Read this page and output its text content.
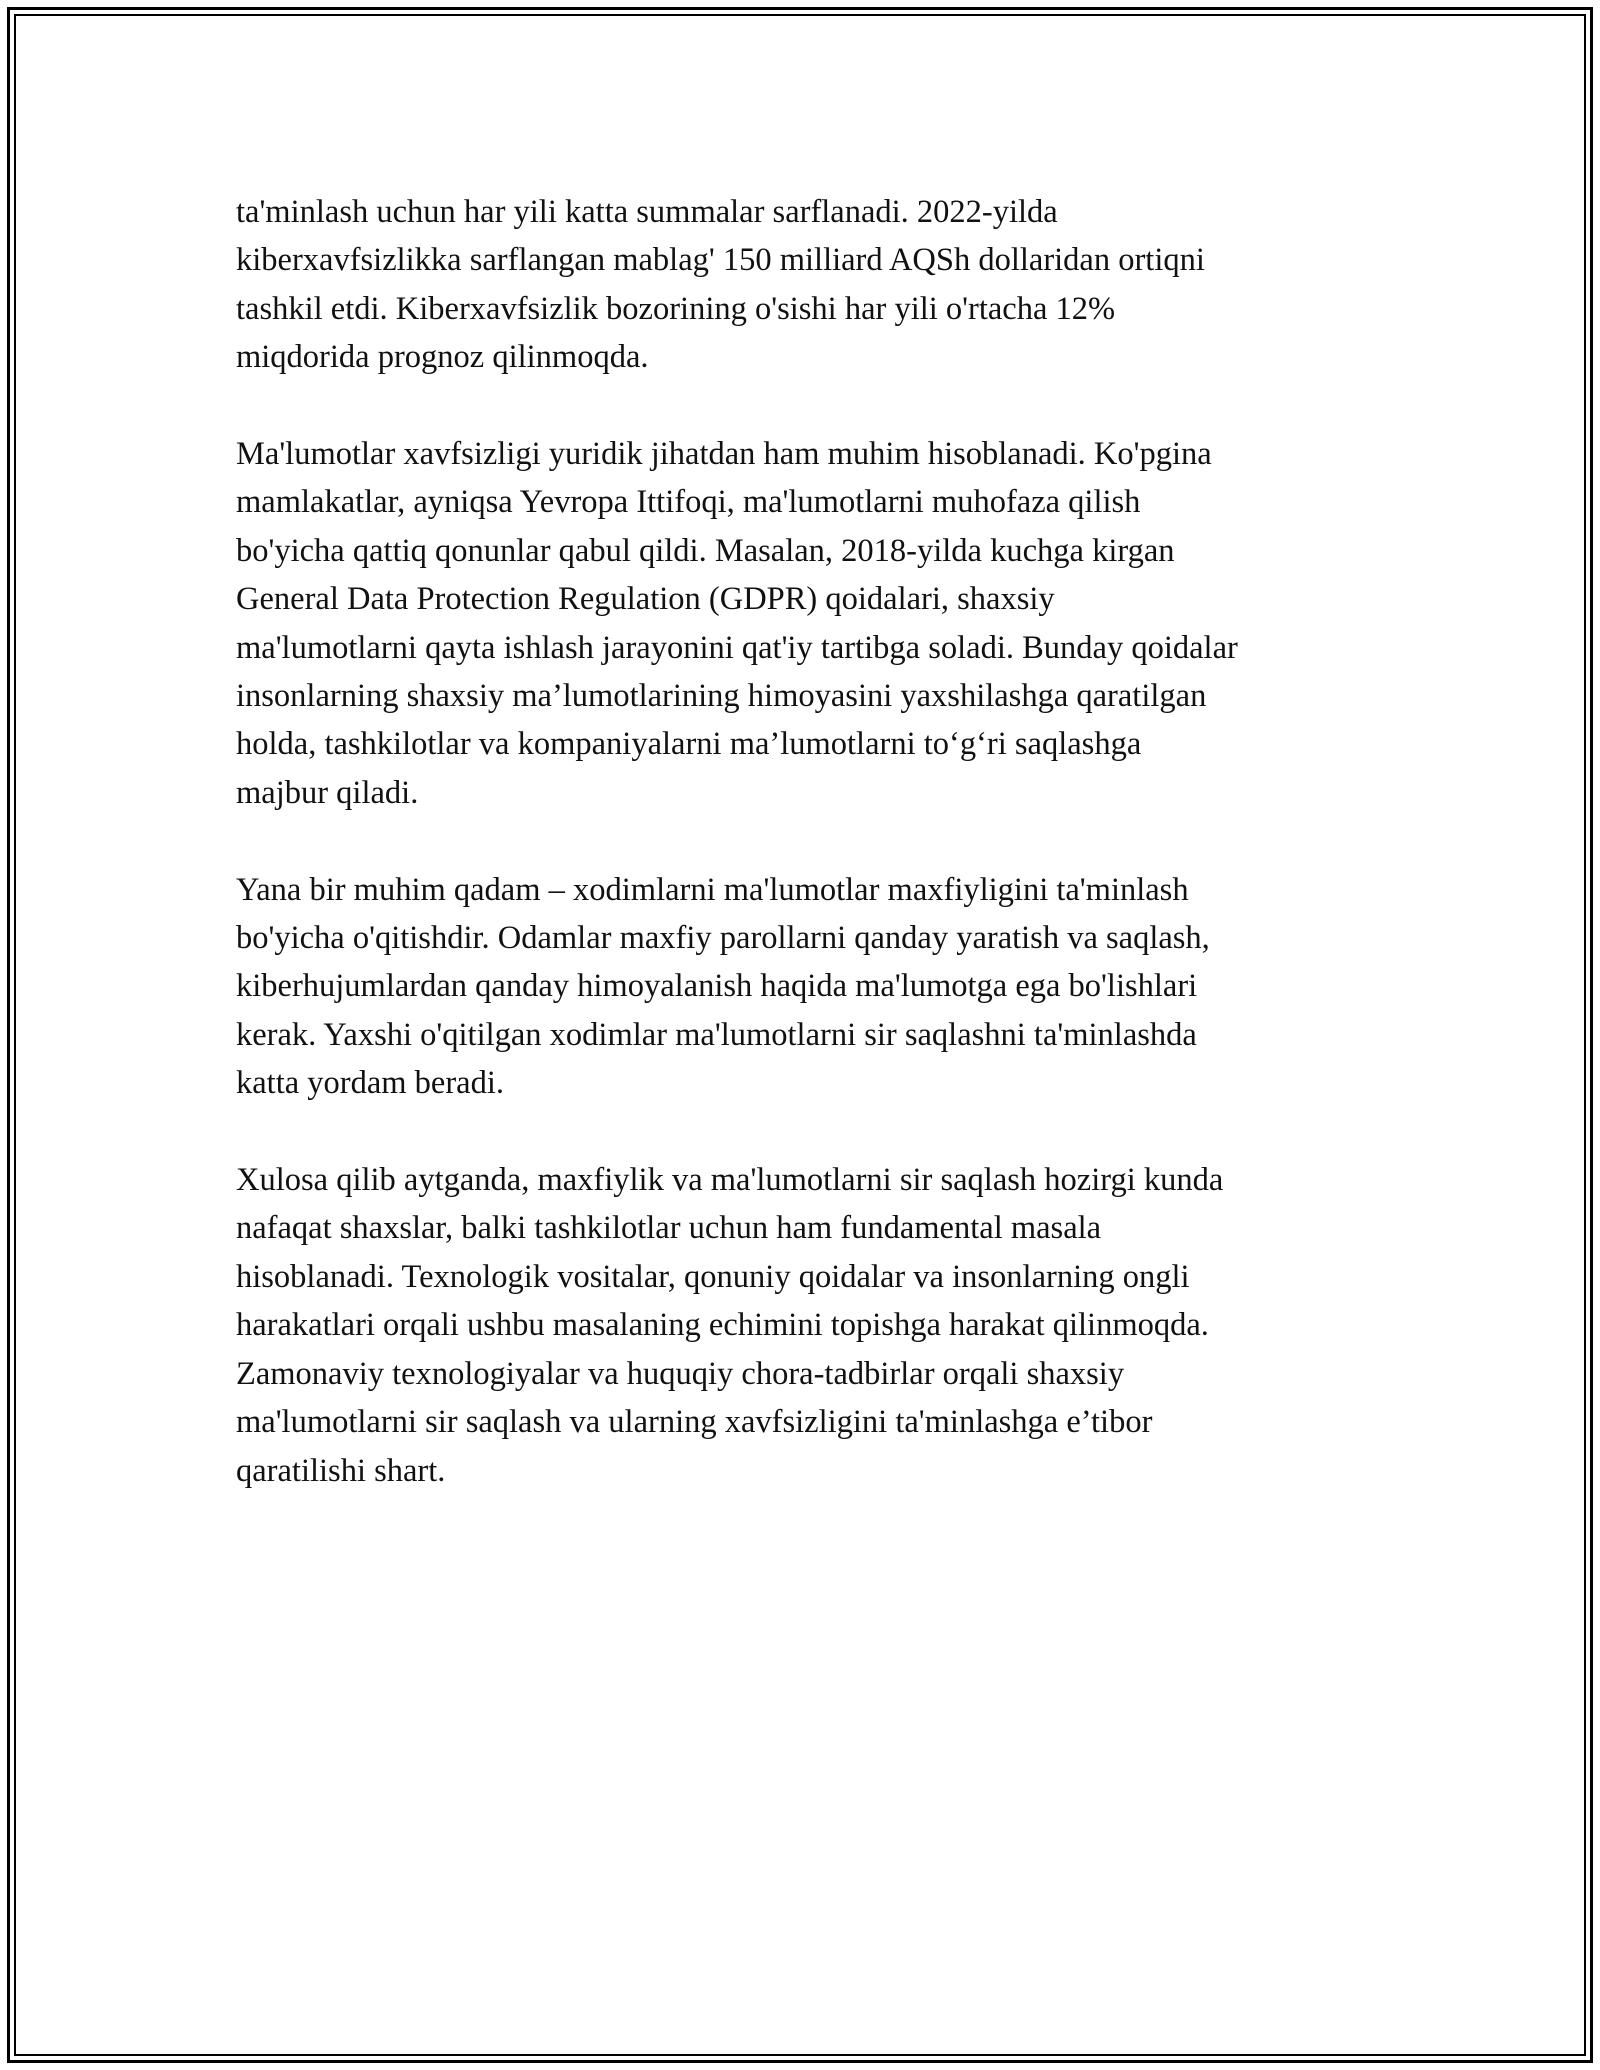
ta'minlash uchun har yili katta summalar sarflanadi. 2022-yilda
kiberxavfsizlikka sarflangan mablag' 150 milliard AQSh dollaridan ortiqni
tashkil etdi. Kiberxavfsizlik bozorining o'sishi har yili o'rtacha 12%
miqdorida prognoz qilinmoqda.

Ma'lumotlar xavfsizligi yuridik jihatdan ham muhim hisoblanadi. Ko'pgina
mamlakatlar, ayniqsa Yevropa Ittifoqi, ma'lumotlarni muhofaza qilish
bo'yicha qattiq qonunlar qabul qildi. Masalan, 2018-yilda kuchga kirgan
General Data Protection Regulation (GDPR) qoidalari, shaxsiy
ma'lumotlarni qayta ishlash jarayonini qat'iy tartibga soladi. Bunday qoidalar
insonlarning shaxsiy ma’lumotlarining himoyasini yaxshilashga qaratilgan
holda, tashkilotlar va kompaniyalarni ma’lumotlarni to‘g‘ri saqlashga
majbur qiladi.

Yana bir muhim qadam – xodimlarni ma'lumotlar maxfiyligini ta'minlash
bo'yicha o'qitishdir. Odamlar maxfiy parollarni qanday yaratish va saqlash,
kiberhujumlardan qanday himoyalanish haqida ma'lumotga ega bo'lishlari
kerak. Yaxshi o'qitilgan xodimlar ma'lumotlarni sir saqlashni ta'minlashda
katta yordam beradi.

Xulosa qilib aytganda, maxfiylik va ma'lumotlarni sir saqlash hozirgi kunda
nafaqat shaxslar, balki tashkilotlar uchun ham fundamental masala
hisoblanadi. Texnologik vositalar, qonuniy qoidalar va insonlarning ongli
harakatlari orqali ushbu masalaning echimini topishga harakat qilinmoqda.
Zamonaviy texnologiyalar va huquqiy chora-tadbirlar orqali shaxsiy
ma'lumotlarni sir saqlash va ularning xavfsizligini ta'minlashga e’tibor
qaratilishi shart.
